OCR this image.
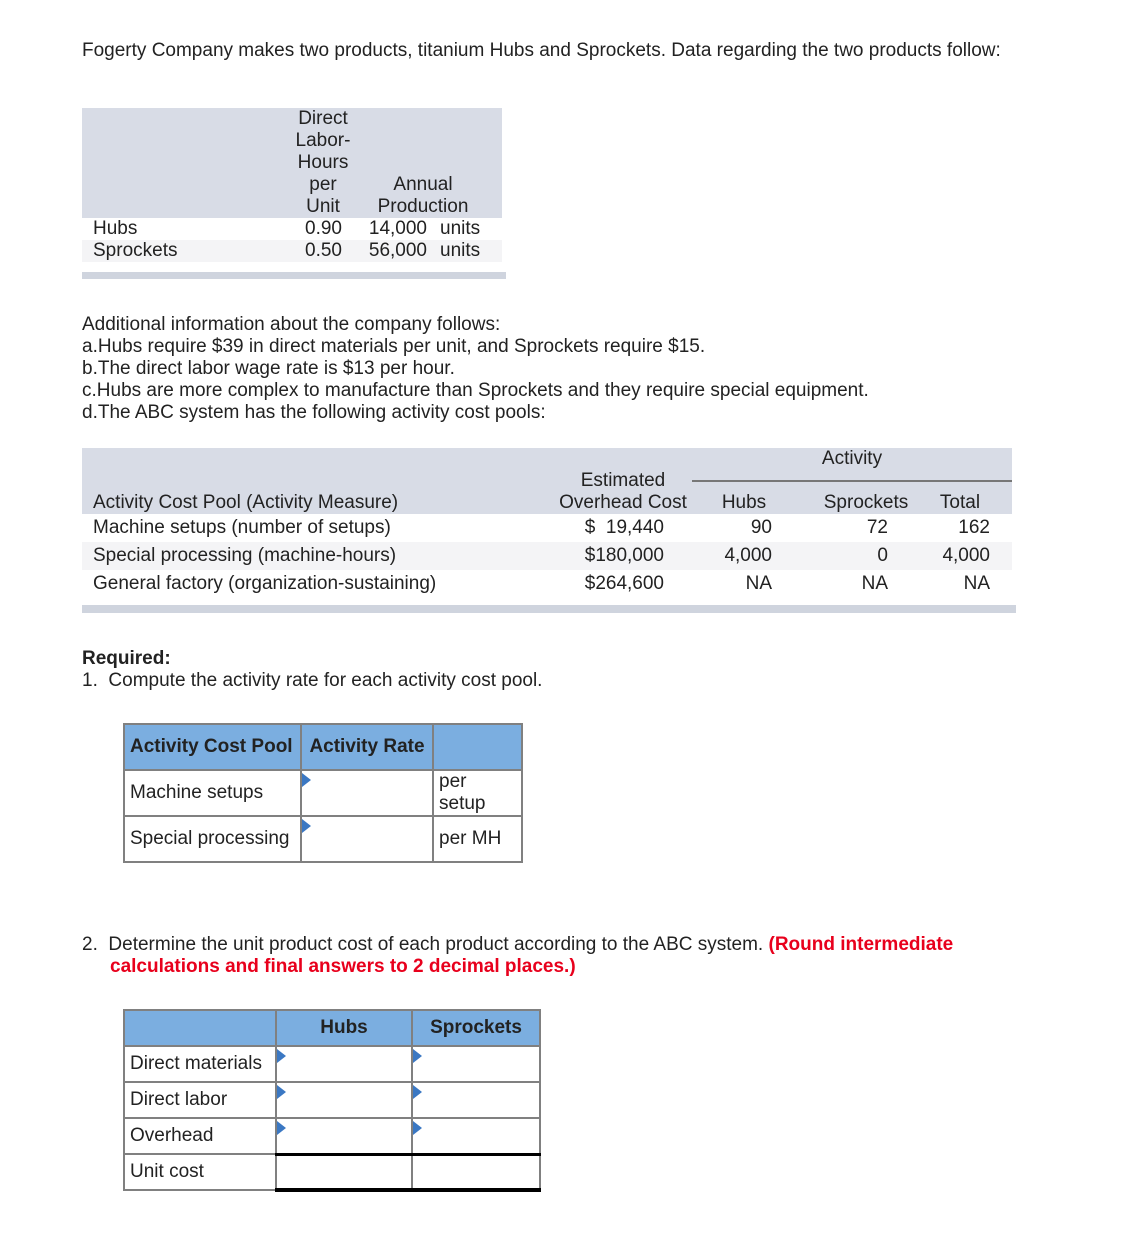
Fogerty Company makes two products, titanium Hubs and Sprockets. Data regarding the two products follow:
Direct
Labor-
Hours
per
Unit
Annual
Production
Hubs	0.90	14,000 units
Sprockets	0.50	56,000 units
Additional information about the company follows:
a.Hubs require $39 in direct materials per unit, and Sprockets require $15.
b.The direct labor wage rate is $13 per hour.
c.Hubs are more complex to manufacture than Sprockets and they require special equipment.
d.The ABC system has the following activity cost pools:
Activity
Estimated
Overhead Cost
Activity Cost Pool (Activity Measure)	Hubs	Sprockets	Total
Machine setups (number of setups)	$  19,440	90	72	162
Special processing (machine-hours)	$180,000	4,000	0	4,000
General factory (organization-sustaining)	$264,600	NA	NA	NA
Required:
1. Compute the activity rate for each activity cost pool.
Activity Cost Pool	Activity Rate	
Machine setups		per setup
Special processing		per MH
2. Determine the unit product cost of each product according to the ABC system. (Round intermediate calculations and final answers to 2 decimal places.)
	Hubs	Sprockets
Direct materials	

Direct labor	

Overhead	

Unit cost		
